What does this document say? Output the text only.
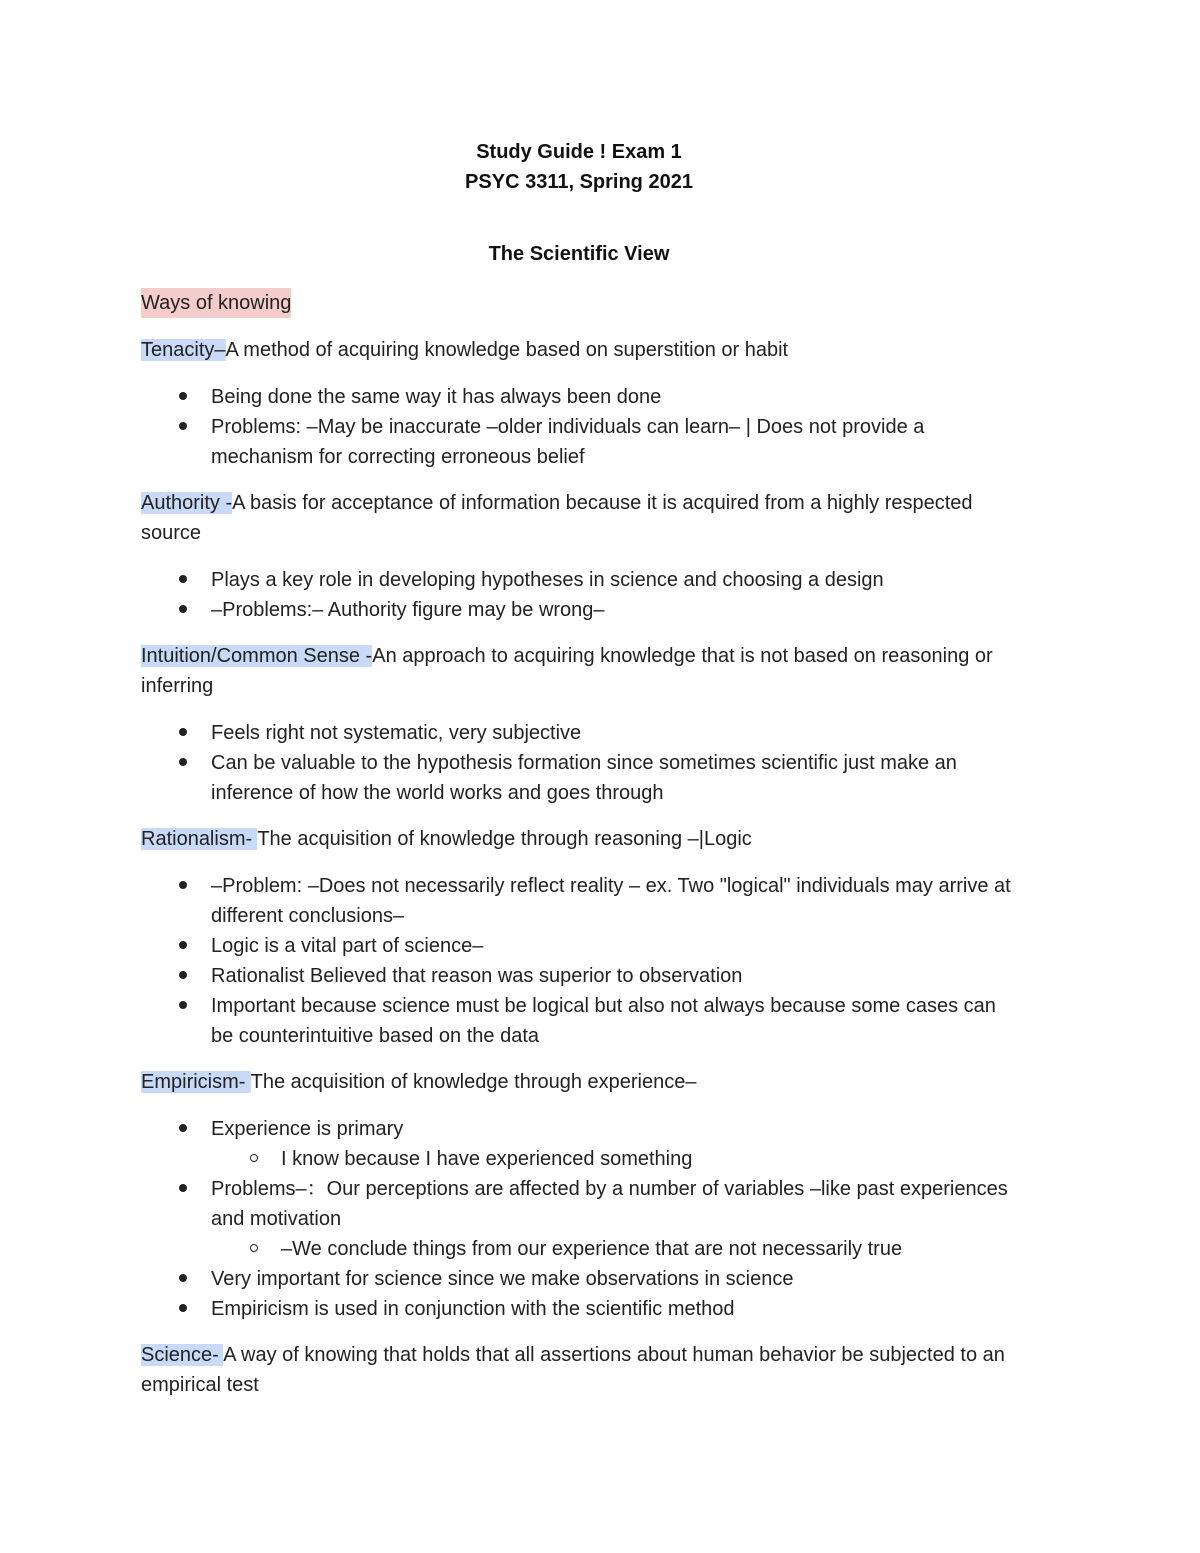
Study Guide ! Exam 1
PSYC 3311, Spring 2021
The Scientific View

Ways of knowing

Tenacity–A method of acquiring knowledge based on superstition or habit

Being done the same way it has always been done
Problems: –May be inaccurate –older individuals can learn– | Does not provide a mechanism for correcting erroneous belief

Authority -A basis for acceptance of information because it is acquired from a highly respected source

Plays a key role in developing hypotheses in science and choosing a design
–Problems:– Authority figure may be wrong–

Intuition/Common Sense -An approach to acquiring knowledge that is not based on reasoning or inferring

Feels right not systematic, very subjective
Can be valuable to the hypothesis formation since sometimes scientific just make an inference of how the world works and goes through

Rationalism- The acquisition of knowledge through reasoning –|Logic

–Problem: –Does not necessarily reflect reality – ex. Two "logical" individuals may arrive at different conclusions–
Logic is a vital part of science–
Rationalist Believed that reason was superior to observation
Important because science must be logical but also not always because some cases can be counterintuitive based on the data

Empiricism- The acquisition of knowledge through experience–

Experience is primary
I know because I have experienced something
Problems–：Our perceptions are affected by a number of variables –like past experiences and motivation
–We conclude things from our experience that are not necessarily true
Very important for science since we make observations in science
Empiricism is used in conjunction with the scientific method

Science- A way of knowing that holds that all assertions about human behavior be subjected to an empirical test
